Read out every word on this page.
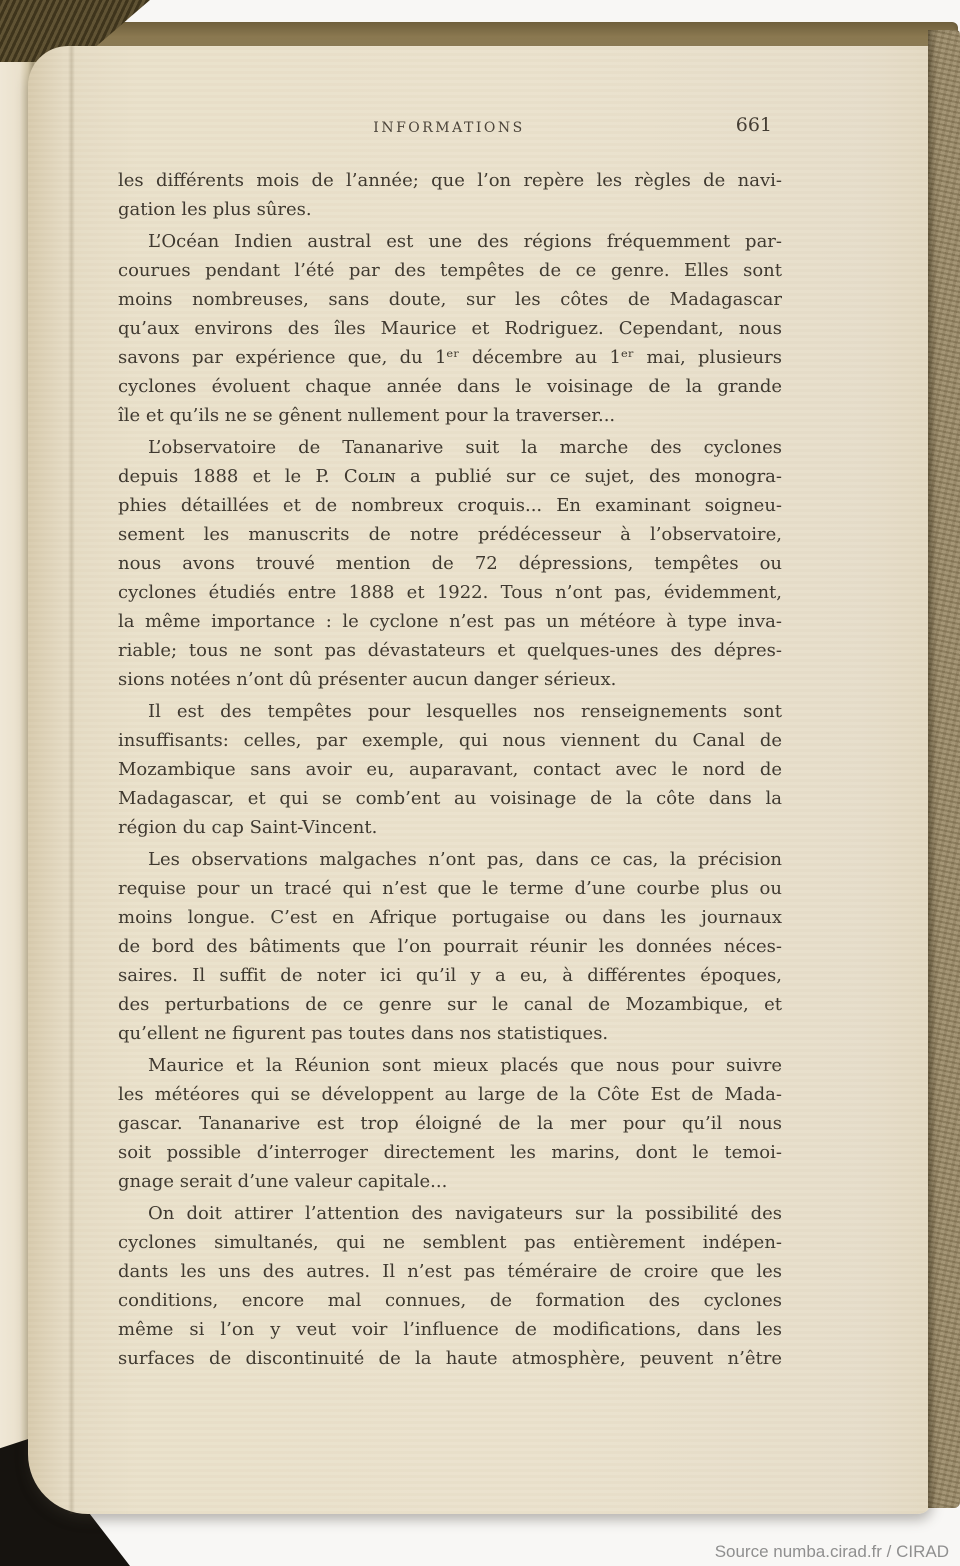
INFORMATIONS	661
les différents mois de l’année; que l’on repère les règles de navi-
gation les plus sûres.
L’Océan Indien austral est une des régions fréquemment par-
courues pendant l’été par des tempêtes de ce genre. Elles sont
moins nombreuses, sans doute, sur les côtes de Madagascar
qu’aux environs des îles Maurice et Rodriguez. Cependant, nous
savons par expérience que, du 1ᵉʳ décembre au 1ᵉʳ mai, plusieurs
cyclones évoluent chaque année dans le voisinage de la grande
île et qu’ils ne se gênent nullement pour la traverser...
L’observatoire de Tananarive suit la marche des cyclones
depuis 1888 et le P. Cᴏʟɪɴ a publié sur ce sujet, des monogra-
phies détaillées et de nombreux croquis... En examinant soigneu-
sement les manuscrits de notre prédécesseur à l’observatoire,
nous avons trouvé mention de 72 dépressions, tempêtes ou
cyclones étudiés entre 1888 et 1922. Tous n’ont pas, évidemment,
la même importance : le cyclone n’est pas un météore à type inva-
riable; tous ne sont pas dévastateurs et quelques-unes des dépres-
sions notées n’ont dû présenter aucun danger sérieux.
Il est des tempêtes pour lesquelles nos renseignements sont
insuffisants: celles, par exemple, qui nous viennent du Canal de
Mozambique sans avoir eu, auparavant, contact avec le nord de
Madagascar, et qui se comb’ent au voisinage de la côte dans la
région du cap Saint-Vincent.
Les observations malgaches n’ont pas, dans ce cas, la précision
requise pour un tracé qui n’est que le terme d’une courbe plus ou
moins longue. C’est en Afrique portugaise ou dans les journaux
de bord des bâtiments que l’on pourrait réunir les données néces-
saires. Il suffit de noter ici qu’il y a eu, à différentes époques,
des perturbations de ce genre sur le canal de Mozambique, et
qu’ellent ne figurent pas toutes dans nos statistiques.
Maurice et la Réunion sont mieux placés que nous pour suivre
les météores qui se développent au large de la Côte Est de Mada-
gascar. Tananarive est trop éloigné de la mer pour qu’il nous
soit possible d’interroger directement les marins, dont le temoi-
gnage serait d’une valeur capitale...
On doit attirer l’attention des navigateurs sur la possibilité des
cyclones simultanés, qui ne semblent pas entièrement indépen-
dants les uns des autres. Il n’est pas téméraire de croire que les
conditions, encore mal connues, de formation des cyclones
même si l’on y veut voir l’influence de modifications, dans les
surfaces de discontinuité de la haute atmosphère, peuvent n’être
Source numba.cirad.fr / CIRAD
